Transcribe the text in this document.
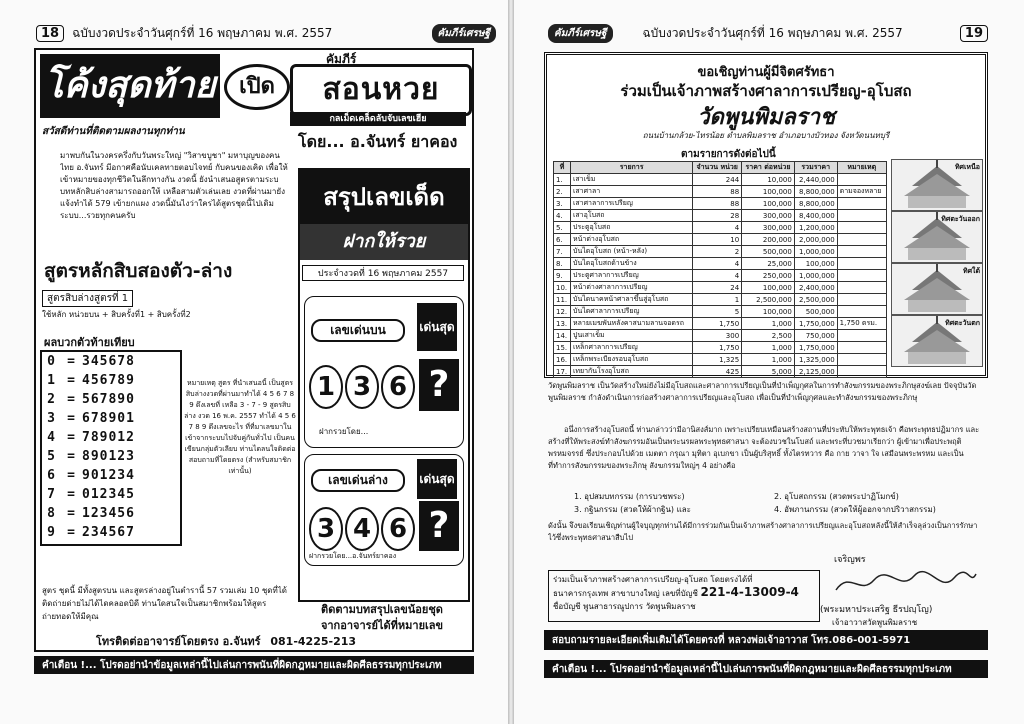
18	ฉบับงวดประจำวันศุกร์ที่ 16 พฤษภาคม พ.ศ. 2557	คัมภีร์เศรษฐี
โค้งสุดท้าย	เปิด
คัมภีร์
สอนหวย
กลเม็ดเคล็ดลับจับเลขเฮีย
สวัสดีท่านที่ติดตามผลงานทุกท่าน
โดย... อ.จันทร์ ยาคอง
มาพบกันในวงครครึ่งกับวันพระใหญ่ "วิสาขบูชา" มหาบุญของคนไทย อ.จันทร์ มีอกาศคือนับเคลทายตอบไจทย์ กับคนของเคิด เพื่อให้เข้าหมายของทุกชีวิตในลึกทางกัน งวดนี้ ยังนำเสนอสูตรตามระบบทหลักสิบล่างสามารถออกให้ เหลือสามตัวเล่นเลย งวดที่ผ่านมายังแจ้งทำได้ 579 เข้ายกแผง งวดนี้มันไงว่าใครได้สูตรชุดนี้ไปเดิมระบบ...รวยทุกคนครับ
สูตรหลักสิบสองตัว-ล่าง
สูตรสิบล่างสูตรที่ 1
ใช้หลัก หน่วยบน + สิบครั้งที่1 + สิบครั้งที่2
ผลบวกตัวท้ายเทียบ
0 = 345678
1 = 456789
2 = 567890
3 = 678901
4 = 789012
5 = 890123
6 = 901234
7 = 012345
8 = 123456
9 = 234567
หมายเหตุ สูตร ที่นำเสนอนี้ เป็นสูตร สิบล่างงวดที่ผ่านมาทำได้ 4 5 6 7 8 9 ดึงเลขที่ เหลือ 3 - 7 - 9 สูตรสิบล่าง งวด 16 พ.ค. 2557 ทำได้ 4 5 6 7 8 9 ดึงเลขจะไร ที่ที่มาเลขมาในเข้าจากระบบไปจับคู่กันทั่วไป เป็นคนเขียนกลุ่มตัวเลียบ ท่านไดลนใจติดต่อสอบถามที่โดยตรง (สำหรับสมาชิกเท่านั้น)
สูตร ชุดนี้ มีทั้งสูตรบน และสูตรล่างอยู่ในตำรานี้ 57 รวมเล่ม 10 ชุดที่ได้ติดถ่ายด่ายไม่ได้ไดคลอดบิดี ท่านใดสนใจเป็นสมาชิกพร้อมให้สูตรถ่ายทอดให้มีคุณ
โทรติดต่ออาจารย์โดยตรง อ.จันทร์ 081-4225-213
สรุปเลขเด็ด
ฝากให้รวย
ประจำงวดที่ 16 พฤษภาคม 2557
เลขเด่นบน	เด่นสุด
1 3 6 ?
ฝากรวยโดย...
เลขเด่นล่าง	เด่นสุด
3 4 6 ?
ฝากรวยโดย...อ.จันทร์ยาคอง
ติดตามบทสรุปเลขน้อยชุด
จากอาจารย์ได้ที่หมายเลข
คำเตือน !... โปรดอย่านำข้อมูลเหล่านี้ไปเล่นการพนันที่ผิดกฎหมายและผิดศีลธรรมทุกประเภท
คัมภีร์เศรษฐี	ฉบับงวดประจำวันศุกร์ที่ 16 พฤษภาคม พ.ศ. 2557	19
ขอเชิญท่านผู้มีจิตศรัทธา
ร่วมเป็นเจ้าภาพสร้างศาลาการเปรียญ-อุโบสถ
วัดพูนพิมลราช
ถนนบ้านกล้วย-ไทรน้อย ตำบลพิมลราช อำเภอบางบัวทอง จังหวัดนนทบุรี
ตามรายการดังต่อไปนี้
ที่	รายการ	จำนวน หน่วย	ราคา ต่อหน่วย	รวมราคา	หมายเหตุ
1.	เสาเข็ม	244	10,000	2,440,000	
2.	เสาศาลา	88	100,000	8,800,000	ตามจองหลาย
3.	เสาศาลาการเปรียญ	88	100,000	8,800,000	
4.	เสาอุโบสถ	28	300,000	8,400,000	
5.	ประตูอุโบสถ	4	300,000	1,200,000	
6.	หน้าต่างอุโบสถ	10	200,000	2,000,000	
7.	บันไดอุโบสถ (หน้า-หลัง)	2	500,000	1,000,000	
8.	บันไดอุโบสถด้านข้าง	4	25,000	100,000	
9.	ประตูศาลาการเปรียญ	4	250,000	1,000,000	
10.	หน้าต่างศาลาการเปรียญ	24	100,000	2,400,000	
11.	บันไดนาคหน้าศาลาขึ้นสู่อุโบสถ	1	2,500,000	2,500,000	
12.	บันไดศาลาการเปรียญ	5	100,000	500,000	
13.	หลายเมฆพันหลังคาสนามลานจอดรถ	1,750	1,000	1,750,000	1,750 ตรม.
14.	ปูนเสาเข็ม	300	2,500	750,000	
15.	เหล็กศาลาการเปรียญ	1,750	1,000	1,750,000	
16.	เหล็กพระเบียงรอบอุโบสถ	1,325	1,000	1,325,000	
17.	เทยากันโรงอุโบสถ	425	5,000	2,125,000	
ทิศเหนือ
ทิศตะวันออก
ทิศใต้
ทิศตะวันตก
วัดพูนพิมลราช เป็นวัดสร้างใหม่ยังไม่มีอุโบสถและศาลาการเปรียญเป็นที่บำเพ็ญกุศลในการทำสังฆกรรมของพระภิกษุสงฆ์เลย ปัจจุบันวัดพูนพิมลราช กำลังดำเนินการก่อสร้างศาลาการเปรียญและอุโบสถ เพื่อเป็นที่บำเพ็ญกุศลและทำสังฆกรรมของพระภิกษุ
อนึ่งการสร้างอุโบสถนี้ ท่านกล่าวว่ามีอานิสงส์มาก เพราะเปรียบเหมือนสร้างสถานที่ประทับให้พระพุทธเจ้า คือพระพุทธปฏิมากร และสร้างที่ให้พระสงฆ์ทำสังฆกรรมอันเป็นพระนรผลพระพุทธศาสนา จะต้องบวชในโบสถ์ และพระที่บวชมาเรียกว่า ผู้เข้ามาเพื่อประพฤติพรหมจรรย์ ซึ่งประกอบไปด้วย เมตตา กรุณา มุทิตา อุเบกขา เป็นผู้บริสุทธิ์ ทั้งไตรทวาร คือ กาย วาจา ใจ เสมือนพระพรหม และเป็นที่ทำการสังฆกรรมของพระภิกษุ สังฆกรรมใหญ่ๆ 4 อย่างคือ
1. อุปสมบทกรรม (การบวชพระ)	2. อุโบสถกรรม (สวดพระปาฏิโมกข์)
3. กฐินกรรม (สวดให้ผ้ากฐิน) และ	4. อัพภานกรรม (สวดให้ผู้ออกจากปริวาสกรรม)
ดังนั้น จึงขอเรียนเชิญท่านผู้ใจบุญทุกท่านได้มีการร่วมกันเป็นเจ้าภาพสร้างศาลาการเปรียญและอุโบสถหลังนี้ให้สำเร็จลุล่วงเป็นการรักษาไว้ซึ่งพระพุทธศาสนาสืบไป
เจริญพร
ร่วมเป็นเจ้าภาพสร้างศาลาการเปรียญ-อุโบสถ โดยตรงได้ที่
ธนาคารกรุงเทพ สาขาบางใหญ่ เลขที่บัญชี 221-4-13009-4
ชื่อบัญชี พูนสาธารณูปการ วัดพูนพิมลราช	(พระมหาประเสริฐ ธีรปญฺโญ)
เจ้าอาวาสวัดพูนพิมลราช
สอบถามรายละเอียดเพิ่มเติมได้โดยตรงที่ หลวงพ่อเจ้าอาวาส โทร.086-001-5971
คำเตือน !... โปรดอย่านำข้อมูลเหล่านี้ไปเล่นการพนันที่ผิดกฎหมายและผิดศีลธรรมทุกประเภท
